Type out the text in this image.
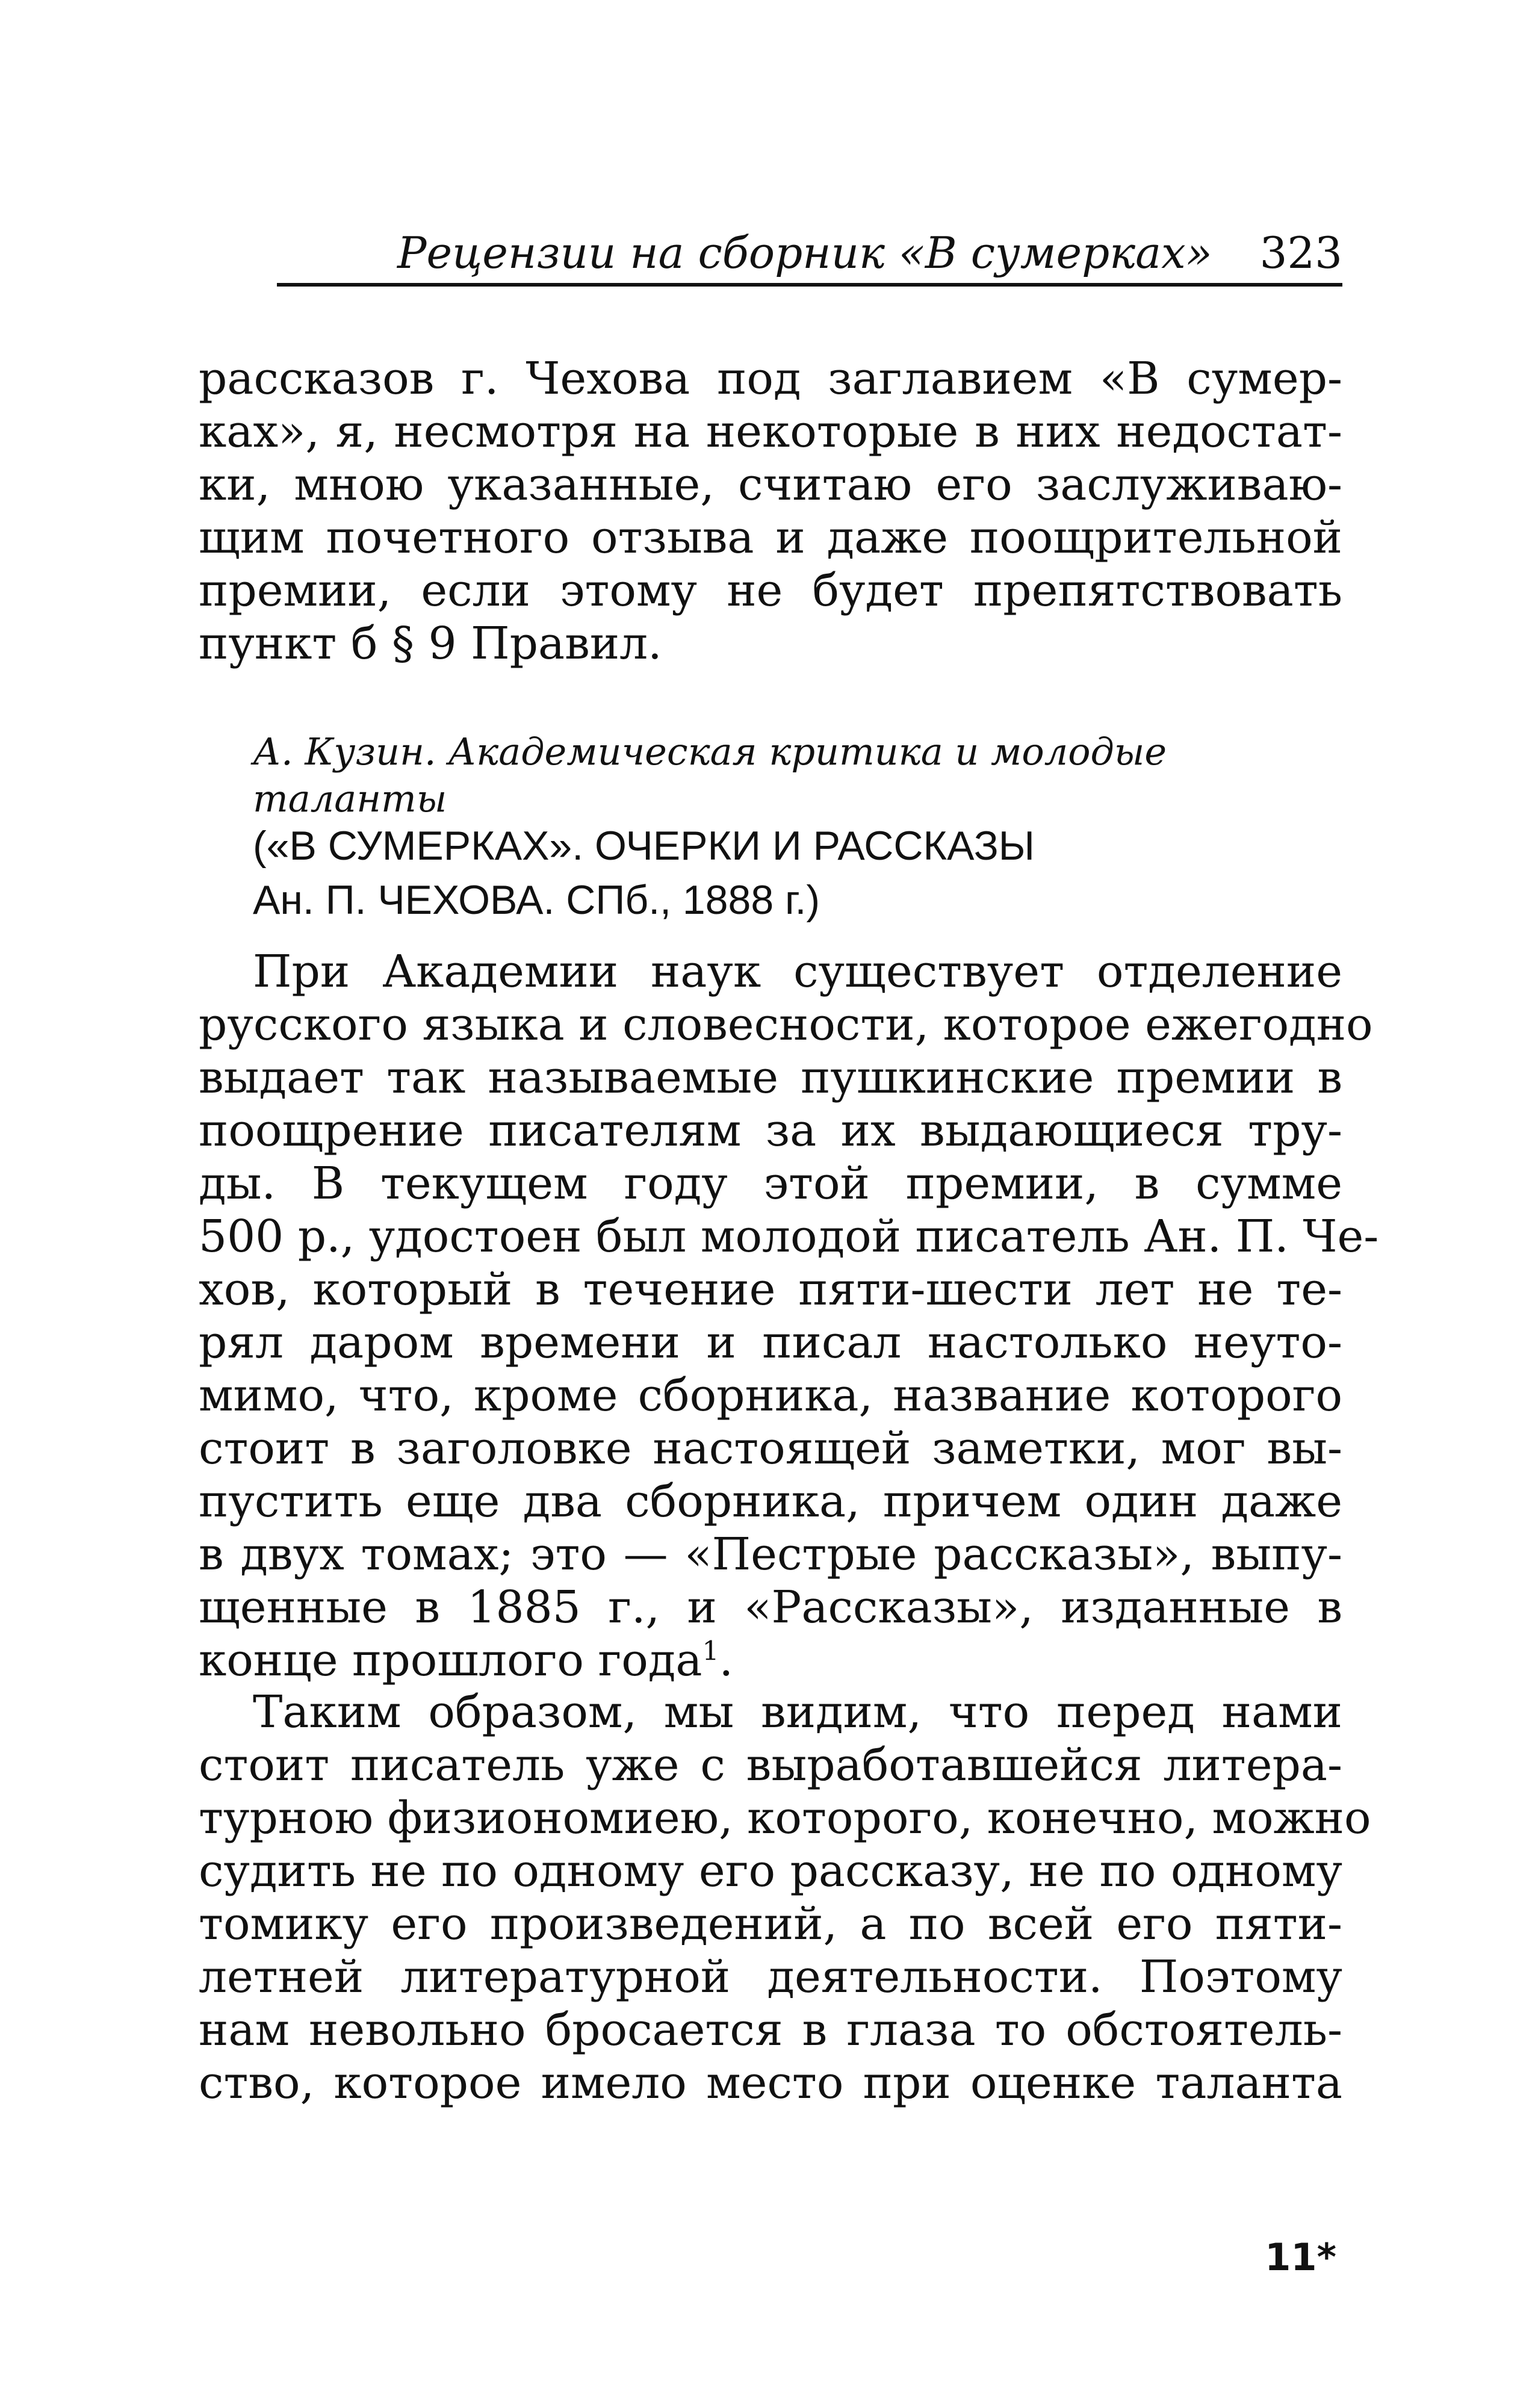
Рецензии на сборник «В сумерках» 323
рассказов г. Чехова под заглавием «В сумер-
ках», я, несмотря на некоторые в них недостат-
ки, мною указанные, считаю его заслуживаю-
щим почетного отзыва и даже поощрительной
премии, если этому не будет препятствовать
пункт б § 9 Правил.
А. Кузин. Академическая критика и молодые таланты
(«В СУМЕРКАХ». ОЧЕРКИ И РАССКАЗЫ
Ан. П. ЧЕХОВА. СПб., 1888 г.)
При Академии наук существует отделение
русского языка и словесности, которое ежегодно
выдает так называемые пушкинские премии в
поощрение писателям за их выдающиеся тру-
ды. В текущем году этой премии, в сумме
500 р., удостоен был молодой писатель Ан. П. Че-
хов, который в течение пяти-шести лет не те-
рял даром времени и писал настолько неуто-
мимо, что, кроме сборника, название которого
стоит в заголовке настоящей заметки, мог вы-
пустить еще два сборника, причем один даже
в двух томах; это — «Пестрые рассказы», выпу-
щенные в 1885 г., и «Рассказы», изданные в
конце прошлого года$^1$.
Таким образом, мы видим, что перед нами
стоит писатель уже с выработавшейся литера-
турною физиономиею, которого, конечно, можно
судить не по одному его рассказу, не по одному
томику его произведений, а по всей его пяти-
летней литературной деятельности. Поэтому
нам невольно бросается в глаза то обстоятель-
ство, которое имело место при оценке таланта
11*
